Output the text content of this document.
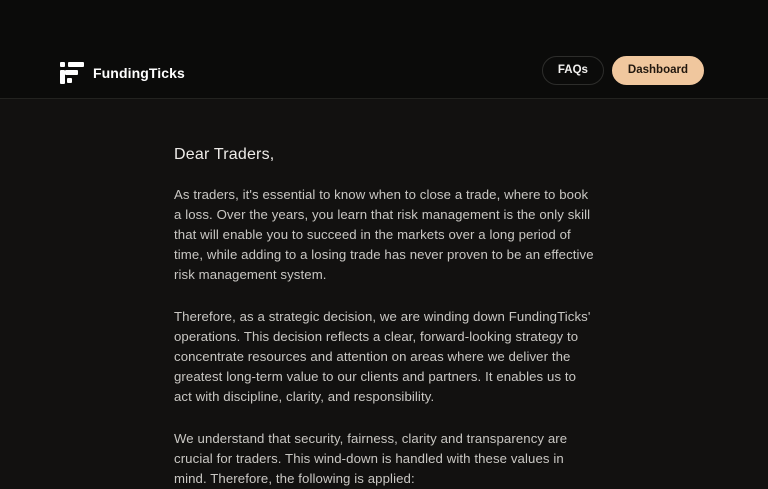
FundingTicks	FAQs	Dashboard
Dear Traders,

As traders, it's essential to know when to close a trade, where to book a loss. Over the years, you learn that risk management is the only skill that will enable you to succeed in the markets over a long period of time, while adding to a losing trade has never proven to be an effective risk management system.

Therefore, as a strategic decision, we are winding down FundingTicks' operations. This decision reflects a clear, forward-looking strategy to concentrate resources and attention on areas where we deliver the greatest long-term value to our clients and partners. It enables us to act with discipline, clarity, and responsibility.

We understand that security, fairness, clarity and transparency are crucial for traders. This wind-down is handled with these values in mind. Therefore, the following is applied:
